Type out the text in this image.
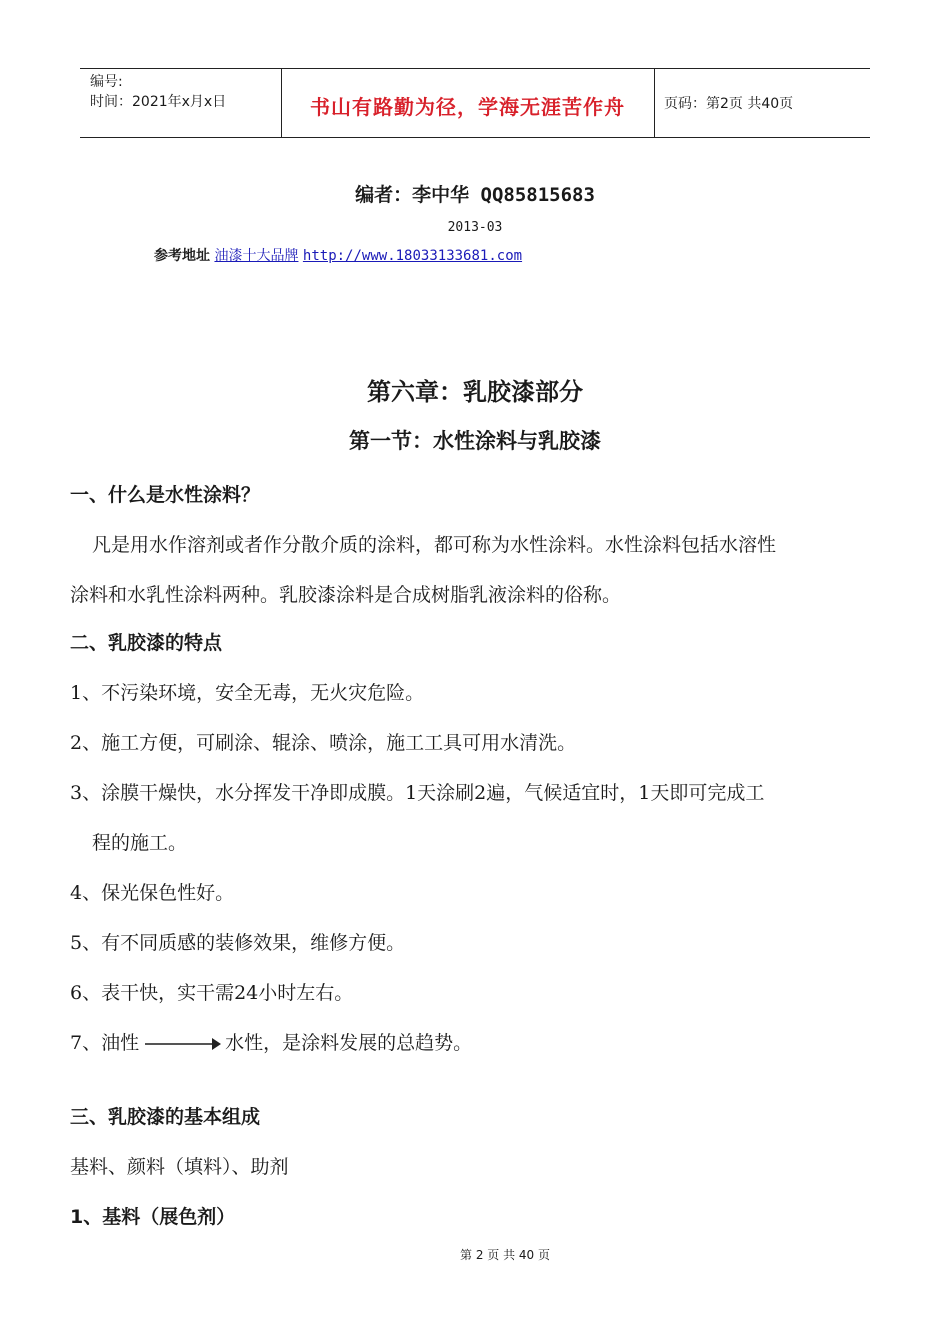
编号:
时间：2021年x月x日	书山有路勤为径，学海无涯苦作舟	页码：第2页 共40页
编者：李中华 QQ85815683
2013-03
参考地址 油漆十大品牌 http://www.18033133681.com
第六章：乳胶漆部分
第一节：水性涂料与乳胶漆
一、什么是水性涂料？
凡是用水作溶剂或者作分散介质的涂料，都可称为水性涂料。水性涂料包括水溶性
涂料和水乳性涂料两种。乳胶漆涂料是合成树脂乳液涂料的俗称。
二、乳胶漆的特点
1、不污染环境，安全无毒，无火灾危险。
2、施工方便，可刷涂、辊涂、喷涂，施工工具可用水清洗。
3、涂膜干燥快，水分挥发干净即成膜。1天涂刷2遍，气候适宜时，1天即可完成工
程的施工。
4、保光保色性好。
5、有不同质感的装修效果，维修方便。
6、表干快，实干需24小时左右。
7、油性	水性，是涂料发展的总趋势。
三、乳胶漆的基本组成
基料、颜料（填料）、助剂
1、基料（展色剂）
第 2 页 共 40 页
